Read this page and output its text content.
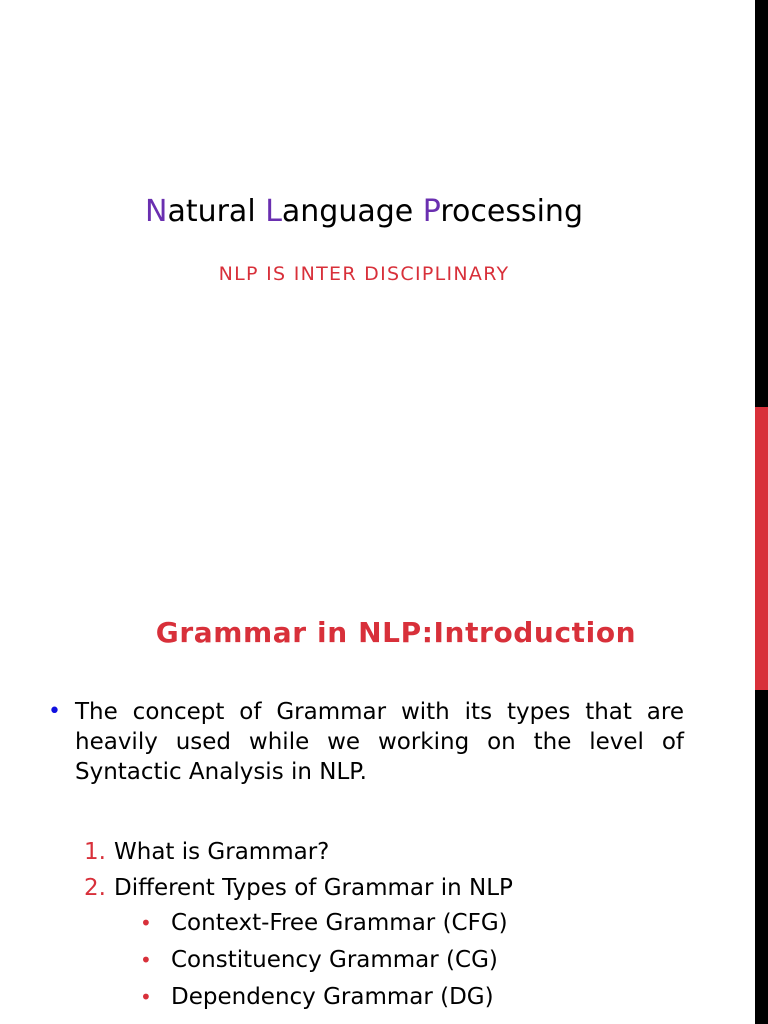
Natural Language Processing
NLP IS INTER DISCIPLINARY
Grammar in NLP:Introduction
• The concept of Grammar with its types that are heavily used while we working on the level of Syntactic Analysis in NLP.
1. What is Grammar?
2. Different Types of Grammar in NLP
• Context-Free Grammar (CFG)
• Constituency Grammar (CG)
• Dependency Grammar (DG)
